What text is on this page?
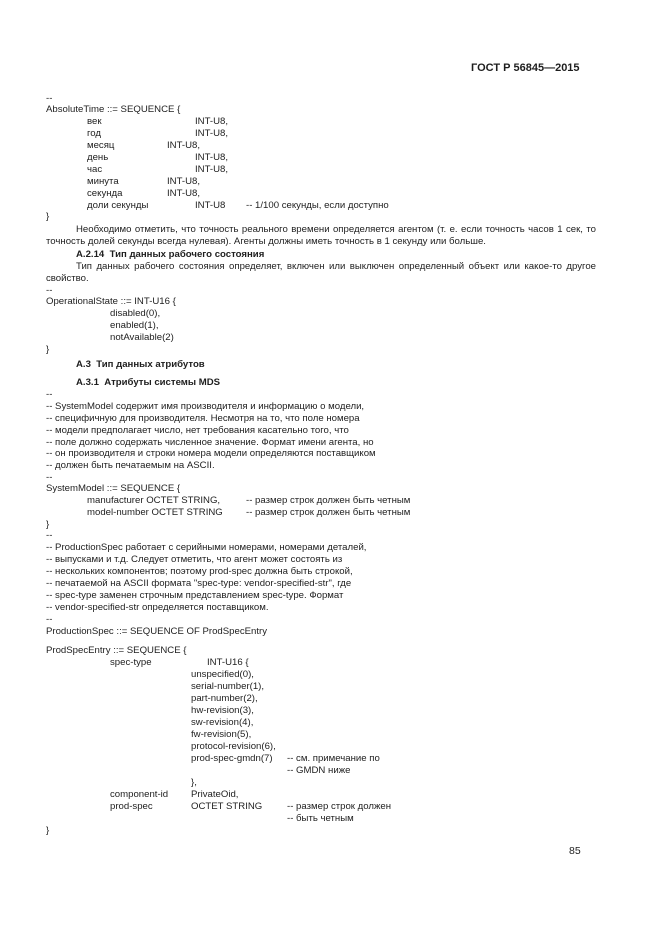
ГОСТ Р 56845—2015
--
AbsoluteTime ::= SEQUENCE {
век	INT-U8,
год	INT-U8,
месяц	INT-U8,
день	INT-U8,
час	INT-U8,
минута	INT-U8,
секунда	INT-U8,
доли секунды	INT-U8 -- 1/100 секунды, если доступно
}
Необходимо отметить, что точность реального времени определяется агентом (т. е. если точность часов 1 сек, то точность долей секунды всегда нулевая). Агенты должны иметь точность в 1 секунду или больше.
A.2.14  Тип данных рабочего состояния
Тип данных рабочего состояния определяет, включен или выключен определенный объект или какое-то другое свойство.
--
OperationalState ::= INT-U16 {
disabled(0),
enabled(1),
notAvailable(2)
}
A.3  Тип данных атрибутов
A.3.1  Атрибуты системы MDS
--
-- SystemModel содержит имя производителя и информацию о модели,
-- специфичную для производителя. Несмотря на то, что поле номера
-- модели предполагает число, нет требования касательно того, что
-- поле должно содержать численное значение. Формат имени агента, но
-- он производителя и строки номера модели определяются поставщиком
-- должен быть печатаемым на ASCII.
--
SystemModel ::= SEQUENCE {
manufacturer OCTET STRING,	-- размер строк должен быть четным
model-number OCTET STRING -- размер строк должен быть четным
}
--
-- ProductionSpec работает с серийными номерами, номерами деталей,
-- выпусками и т.д. Следует отметить, что агент может состоять из
-- нескольких компонентов; поэтому prod-spec должна быть строкой,
-- печатаемой на ASCII формата "spec-type: vendor-specified-str", где
-- spec-type заменен строчным представлением spec-type. Формат
-- vendor-specified-str определяется поставщиком.
--
ProductionSpec ::= SEQUENCE OF ProdSpecEntry
ProdSpecEntry ::= SEQUENCE {
spec-type	INT-U16 {
unspecified(0),
serial-number(1),
part-number(2),
hw-revision(3),
sw-revision(4),
fw-revision(5),
protocol-revision(6),
prod-spec-gmdn(7) -- см. примечание по
-- GMDN ниже
},
component-id PrivateOid,
prod-spec	OCTET STRING	-- размер строк должен
-- быть четным
}
85
